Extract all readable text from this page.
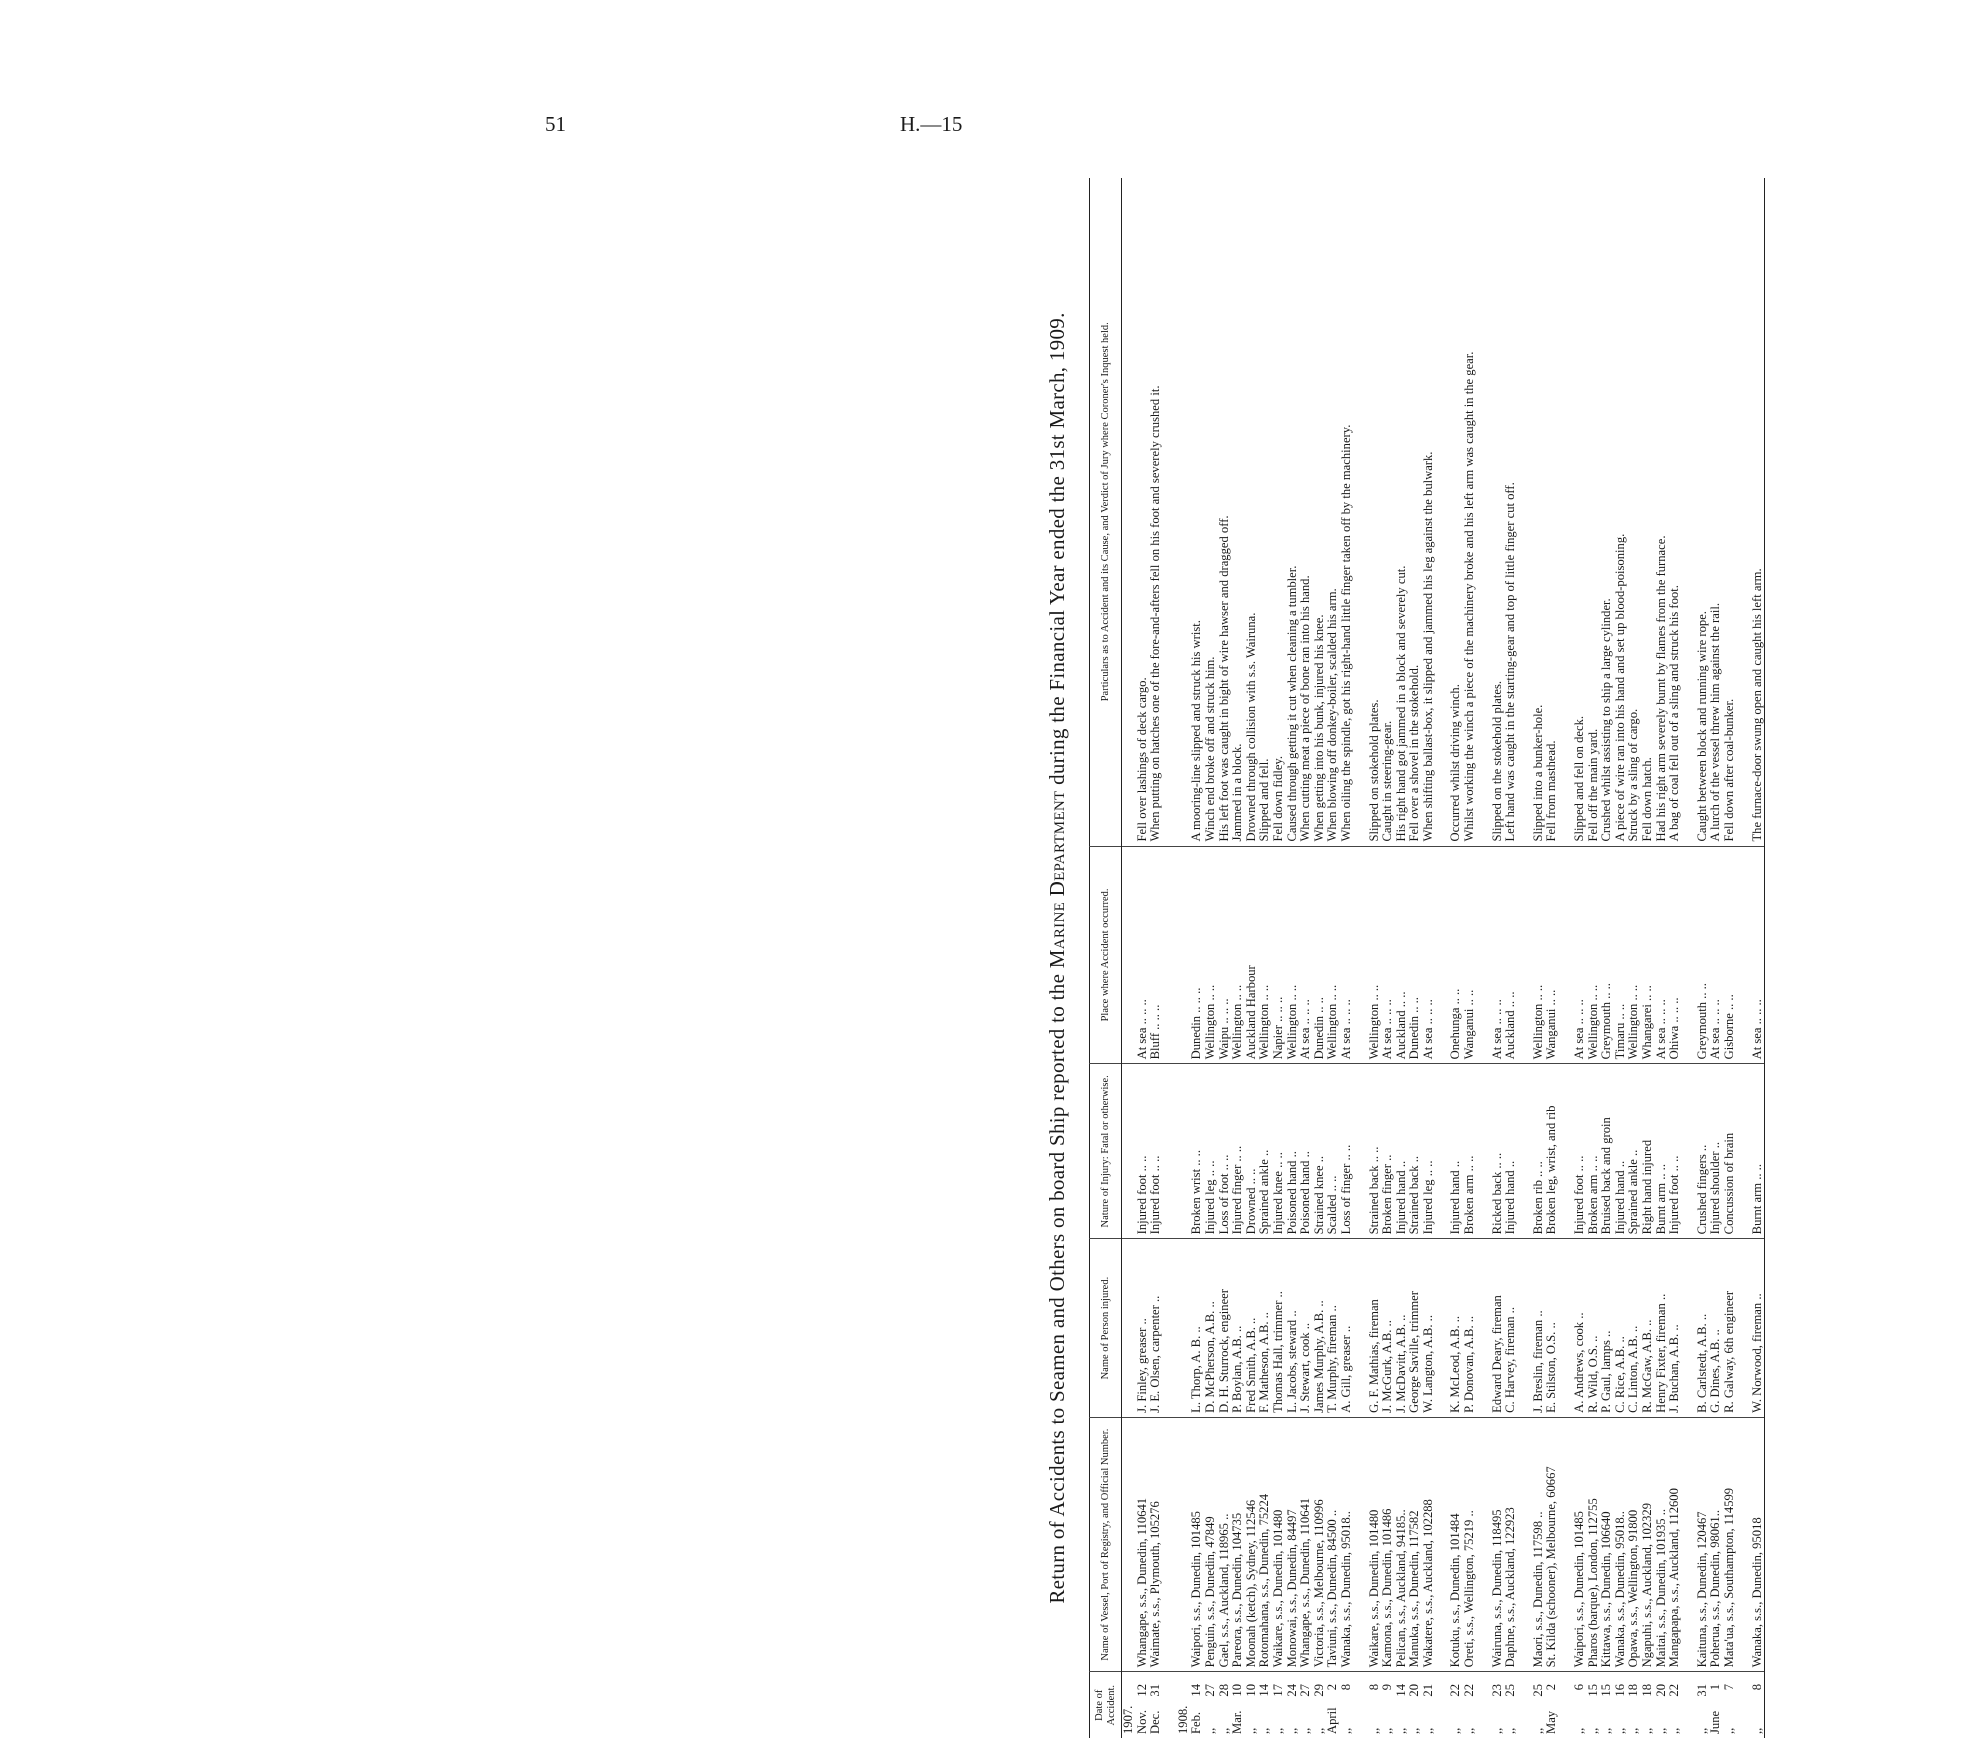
51	H.—15
Return of Accidents to Seamen and Others on board Ship reported to the Marine Department during the Financial Year ended the 31st March, 1909.
Date of Accident.	Name of Vessel, Port of Registry, and Official Number.	Name of Person injured.	Nature of Injury: Fatal or otherwise.	Place where Accident occurred.	Particulars as to Accident and its Cause, and Verdict of Jury where Coroner's Inquest held.
1907.					
Nov.12	Whangape, s.s., Dunedin, 110641	J. Finley, greaser ..	Injured foot .. ..	At sea .. .. ..	Fell over lashings of deck cargo.
Dec.31	Waimate, s.s., Plymouth, 105276	J. E. Olsen, carpenter ..	Injured foot .. ..	Bluff .. .. ..	When putting on hatches one of the fore-and-afters fell on his foot and severely crushed it.

1908.					
Feb.14	Waipori, s.s., Dunedin, 101485	L. Thorp, A. B. ..	Broken wrist .. ..	Dunedin .. .. ..	A mooring-line slipped and struck his wrist.
,,27	Penguin, s.s., Dunedin, 47849	D. McPherson, A.B. ..	Injured leg .. ..	Wellington .. ..	Winch end broke off and struck him.
,,28	Gael, s.s., Auckland, 118965 ..	D. H. Sturrock, engineer	Loss of foot .. ..	Waipu .. .. ..	His left foot was caught in bight of wire hawser and dragged off.
Mar.10	Pareora, s.s., Dunedin, 104735	P. Boylan, A.B. ..	Injured finger .. ..	Wellington .. ..	Jammed in a block.
,,10	Moonah (ketch), Sydney, 112546	Fred Smith, A.B. ..	Drowned .. ..	Auckland Harbour	Drowned through collision with s.s. Wairuna.
,,14	Rotomahana, s.s., Dunedin, 75224	F. Matheson, A.B. ..	Sprained ankle ..	Wellington .. ..	Slipped and fell.
,,17	Waikare, s.s., Dunedin, 101480	Thomas Hall, trimmer ..	Injured knee .. ..	Napier .. .. ..	Fell down fidley.
,,24	Monowai, s.s., Dunedin, 84497	L. Jacobs, steward ..	Poisoned hand ..	Wellington .. ..	Caused through getting it cut when cleaning a tumbler.
,,27	Whangape, s.s., Dunedin, 110641	J. Stewart, cook ..	Poisoned hand ..	At sea .. .. ..	When cutting meat a piece of bone ran into his hand.
,,29	Victoria, s.s., Melbourne, 110996	James Murphy, A.B. ..	Strained knee ..	Dunedin .. ..	When getting into his bunk, injured his knee.
April2	Taviuni, s.s., Dunedin, 84500 ..	T. Murphy, fireman ..	Scalded .. ..	Wellington .. ..	When blowing off donkey-boiler, scalded his arm.
,,8	Wanaka, s.s., Dunedin, 95018..	A. Gill, greaser ..	Loss of finger .. ..	At sea .. .. ..	When oiling the spindle, got his right-hand little finger taken off by the machinery.

,,8	Waikare, s.s., Dunedin, 101480	G. F. Mathias, fireman	Strained back .. ..	Wellington .. ..	Slipped on stokehold plates.
,,9	Kamona, s.s., Dunedin, 101486	J. McGurk, A.B. ..	Broken finger ..	At sea .. .. ..	Caught in steering-gear.
,,14	Pelican, s.s., Auckland, 94185..	J. McDavitt, A.B. ..	Injured hand ..	Auckland .. ..	His right hand got jammed in a block and severely cut.
,,20	Manuka, s.s., Dunedin, 117582	George Saville, trimmer	Strained back ..	Dunedin .. ..	Fell over a shovel in the stokehold.
,,21	Wakatere, s.s., Auckland, 102288	W. Langton, A.B. ..	Injured leg .. ..	At sea .. .. ..	When shifting ballast-box, it slipped and jammed his leg against the bulwark.

,,22	Kotuku, s.s., Dunedin, 101484	K. McLeod, A.B. ..	Injured hand ..	Onehunga .. ..	Occurred whilst driving winch.
,,22	Oreti, s.s., Wellington, 75219 ..	P. Donovan, A.B. ..	Broken arm .. ..	Wanganui .. ..	Whilst working the winch a piece of the machinery broke and his left arm was caught in the gear.

,,23	Wairuna, s.s., Dunedin, 118495	Edward Deary, fireman	Ricked back .. ..	At sea .. .. ..	Slipped on the stokehold plates.
,,25	Daphne, s.s., Auckland, 122923	C. Harvey, fireman ..	Injured hand ..	Auckland .. ..	Left hand was caught in the starting-gear and top of little finger cut off.

,,25	Maori, s.s., Dunedin, 117598 ..	J. Breslin, fireman ..	Broken rib .. ..	Wellington .. ..	Slipped into a bunker-hole.
May2	St. Kilda (schooner), Melbourne, 60667	E. Stilston, O.S. ..	Broken leg, wrist, and rib	Wanganui .. ..	Fell from masthead.

,,6	Waipori, s.s., Dunedin, 101485	A. Andrews, cook ..	Injured foot .. ..	At sea .. .. ..	Slipped and fell on deck.
,,15	Pharos (barque), London, 112755	R. Wild, O.S. ..	Broken arm .. ..	Wellington .. ..	Fell off the main yard.
,,15	Kittawa, s.s., Dunedin, 106640	P. Gaul, lamps ..	Bruised back and groin	Greymouth .. ..	Crushed whilst assisting to ship a large cylinder.
,,16	Wanaka, s.s., Dunedin, 95018..	C. Rice, A.B. ..	Injured hand ..	Timaru .. ..	A piece of wire ran into his hand and set up blood-poisoning.
,,18	Opawa, s.s., Wellington, 91800	C. Linton, A.B. ..	Sprained ankle ..	Wellington .. ..	Struck by a sling of cargo.
,,18	Ngapuhi, s.s., Auckland, 102329	R. McGaw, A.B. ..	Right hand injured	Whangarei .. ..	Fell down hatch.
,,20	Maitai, s.s., Dunedin, 101935 ..	Henry Fixter, fireman ..	Burnt arm .. ..	At sea .. .. ..	Had his right arm severely burnt by flames from the furnace.
,,22	Mangapapa, s.s., Auckland, 112600	J. Buchan, A.B. ..	Injured foot .. ..	Ohiwa .. .. ..	A bag of coal fell out of a sling and struck his foot.

,,31	Kaituna, s.s., Dunedin, 120467	B. Carlstedt, A.B. ..	Crushed fingers ..	Greymouth .. ..	Caught between block and running wire rope.
June1	Poherua, s.s., Dunedin, 98061..	G. Dines, A.B. ..	Injured shoulder ..	At sea .. .. ..	A lurch of the vessel threw him against the rail.
,,7	Mata'ua, s.s., Southampton, 114599	R. Galway, 6th engineer	Concussion of brain	Gisborne .. ..	Fell down after coal-bunker.

,,8	Wanaka, s.s., Dunedin, 95018	W. Norwood, fireman ..	Burnt arm .. ..	At sea .. .. ..	The furnace-door swung open and caught his left arm.
